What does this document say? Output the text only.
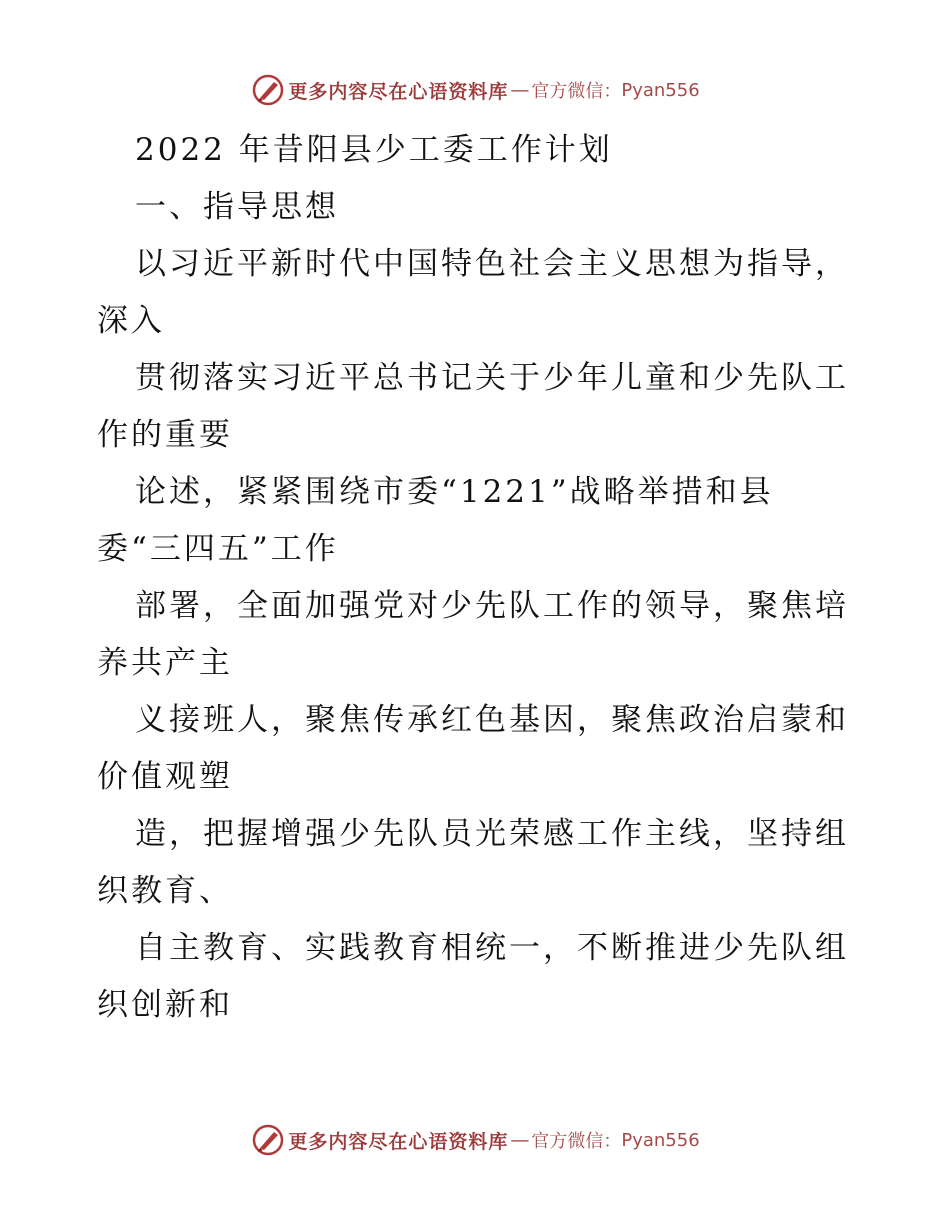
更多内容尽在心语资料库 — 官方微信： Pyan556
2022 年昔阳县少工委工作计划
一、指导思想
以习近平新时代中国特色社会主义思想为指导，
深入
贯彻落实习近平总书记关于少年儿童和少先队工
作的重要
论述，紧紧围绕市委“1221”战略举措和县
委“三四五”工作
部署，全面加强党对少先队工作的领导，聚焦培
养共产主
义接班人，聚焦传承红色基因，聚焦政治启蒙和
价值观塑
造，把握增强少先队员光荣感工作主线，坚持组
织教育、
自主教育、实践教育相统一，不断推进少先队组
织创新和
更多内容尽在心语资料库 — 官方微信： Pyan556
